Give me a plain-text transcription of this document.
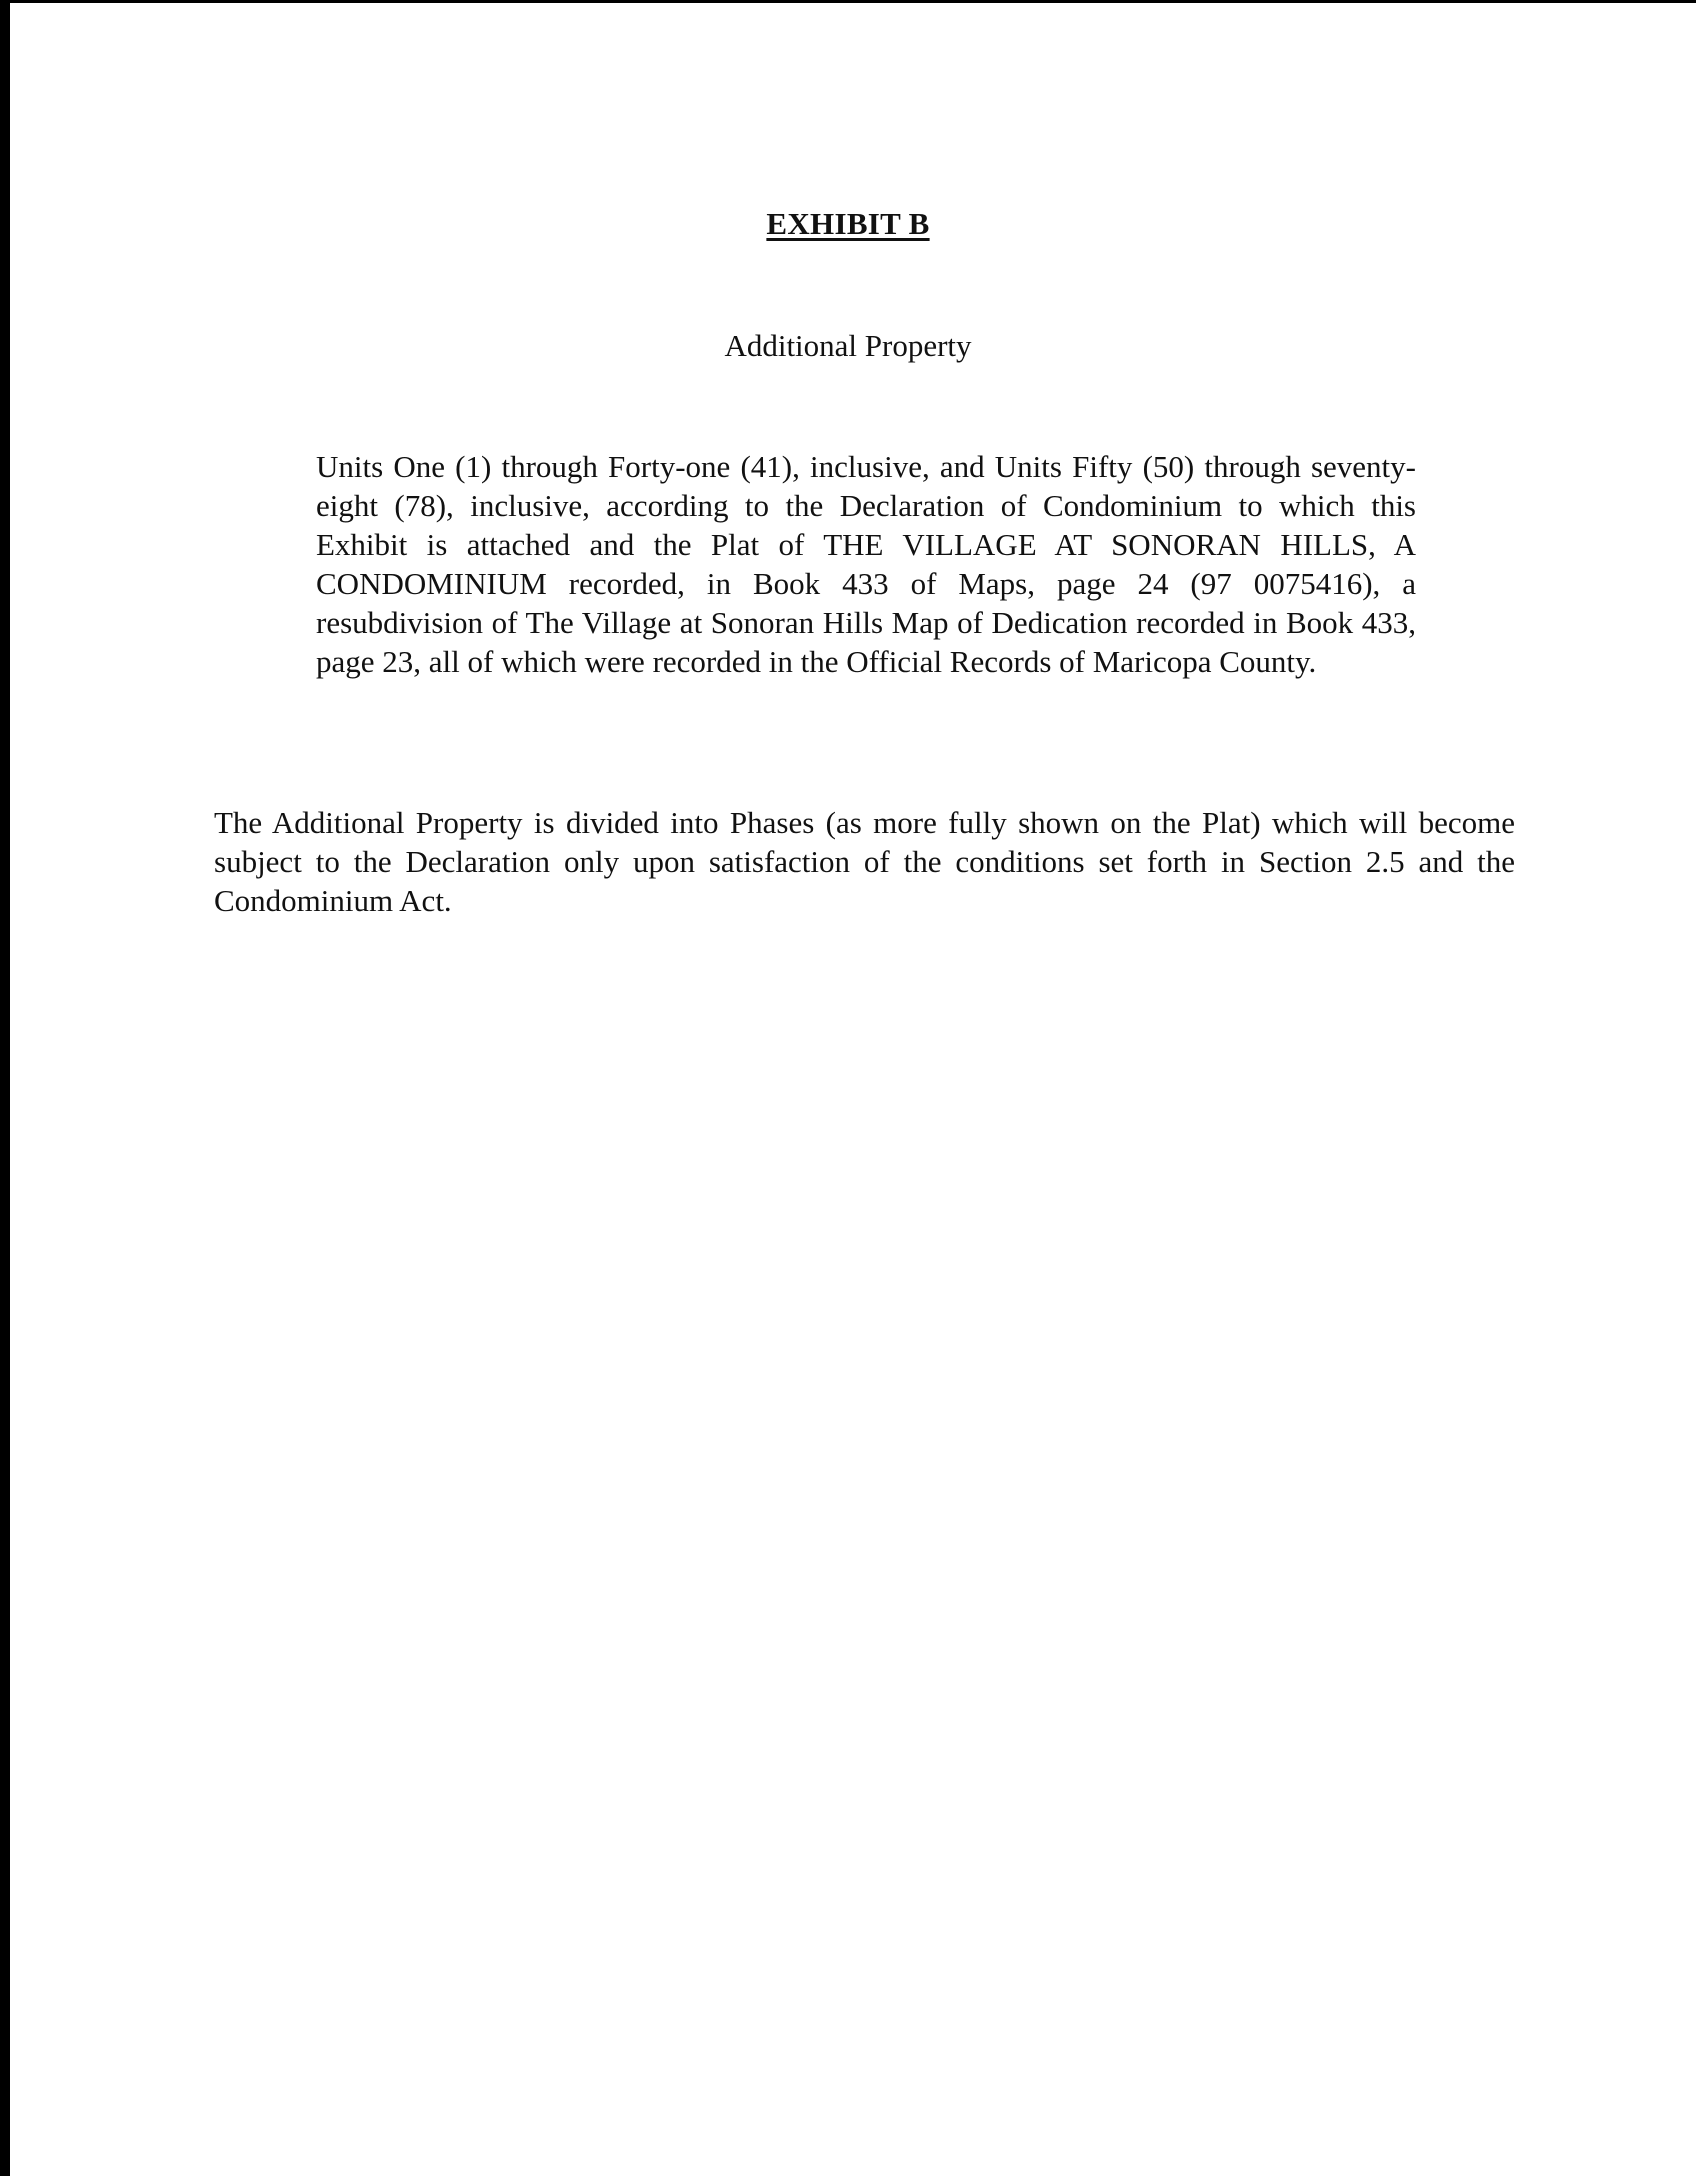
EXHIBIT B
Additional Property

Units One (1) through Forty-one (41), inclusive, and Units Fifty (50) through seventy-eight (78), inclusive, according to the Declaration of Condominium to which this Exhibit is attached and the Plat of THE VILLAGE AT SONORAN HILLS, A CONDOMINIUM recorded, in Book 433 of Maps, page 24 (97 0075416), a resubdivision of The Village at Sonoran Hills Map of Dedication recorded in Book 433, page 23, all of which were recorded in the Official Records of Maricopa County.

The Additional Property is divided into Phases (as more fully shown on the Plat) which will become subject to the Declaration only upon satisfaction of the conditions set forth in Section 2.5 and the Condominium Act.
